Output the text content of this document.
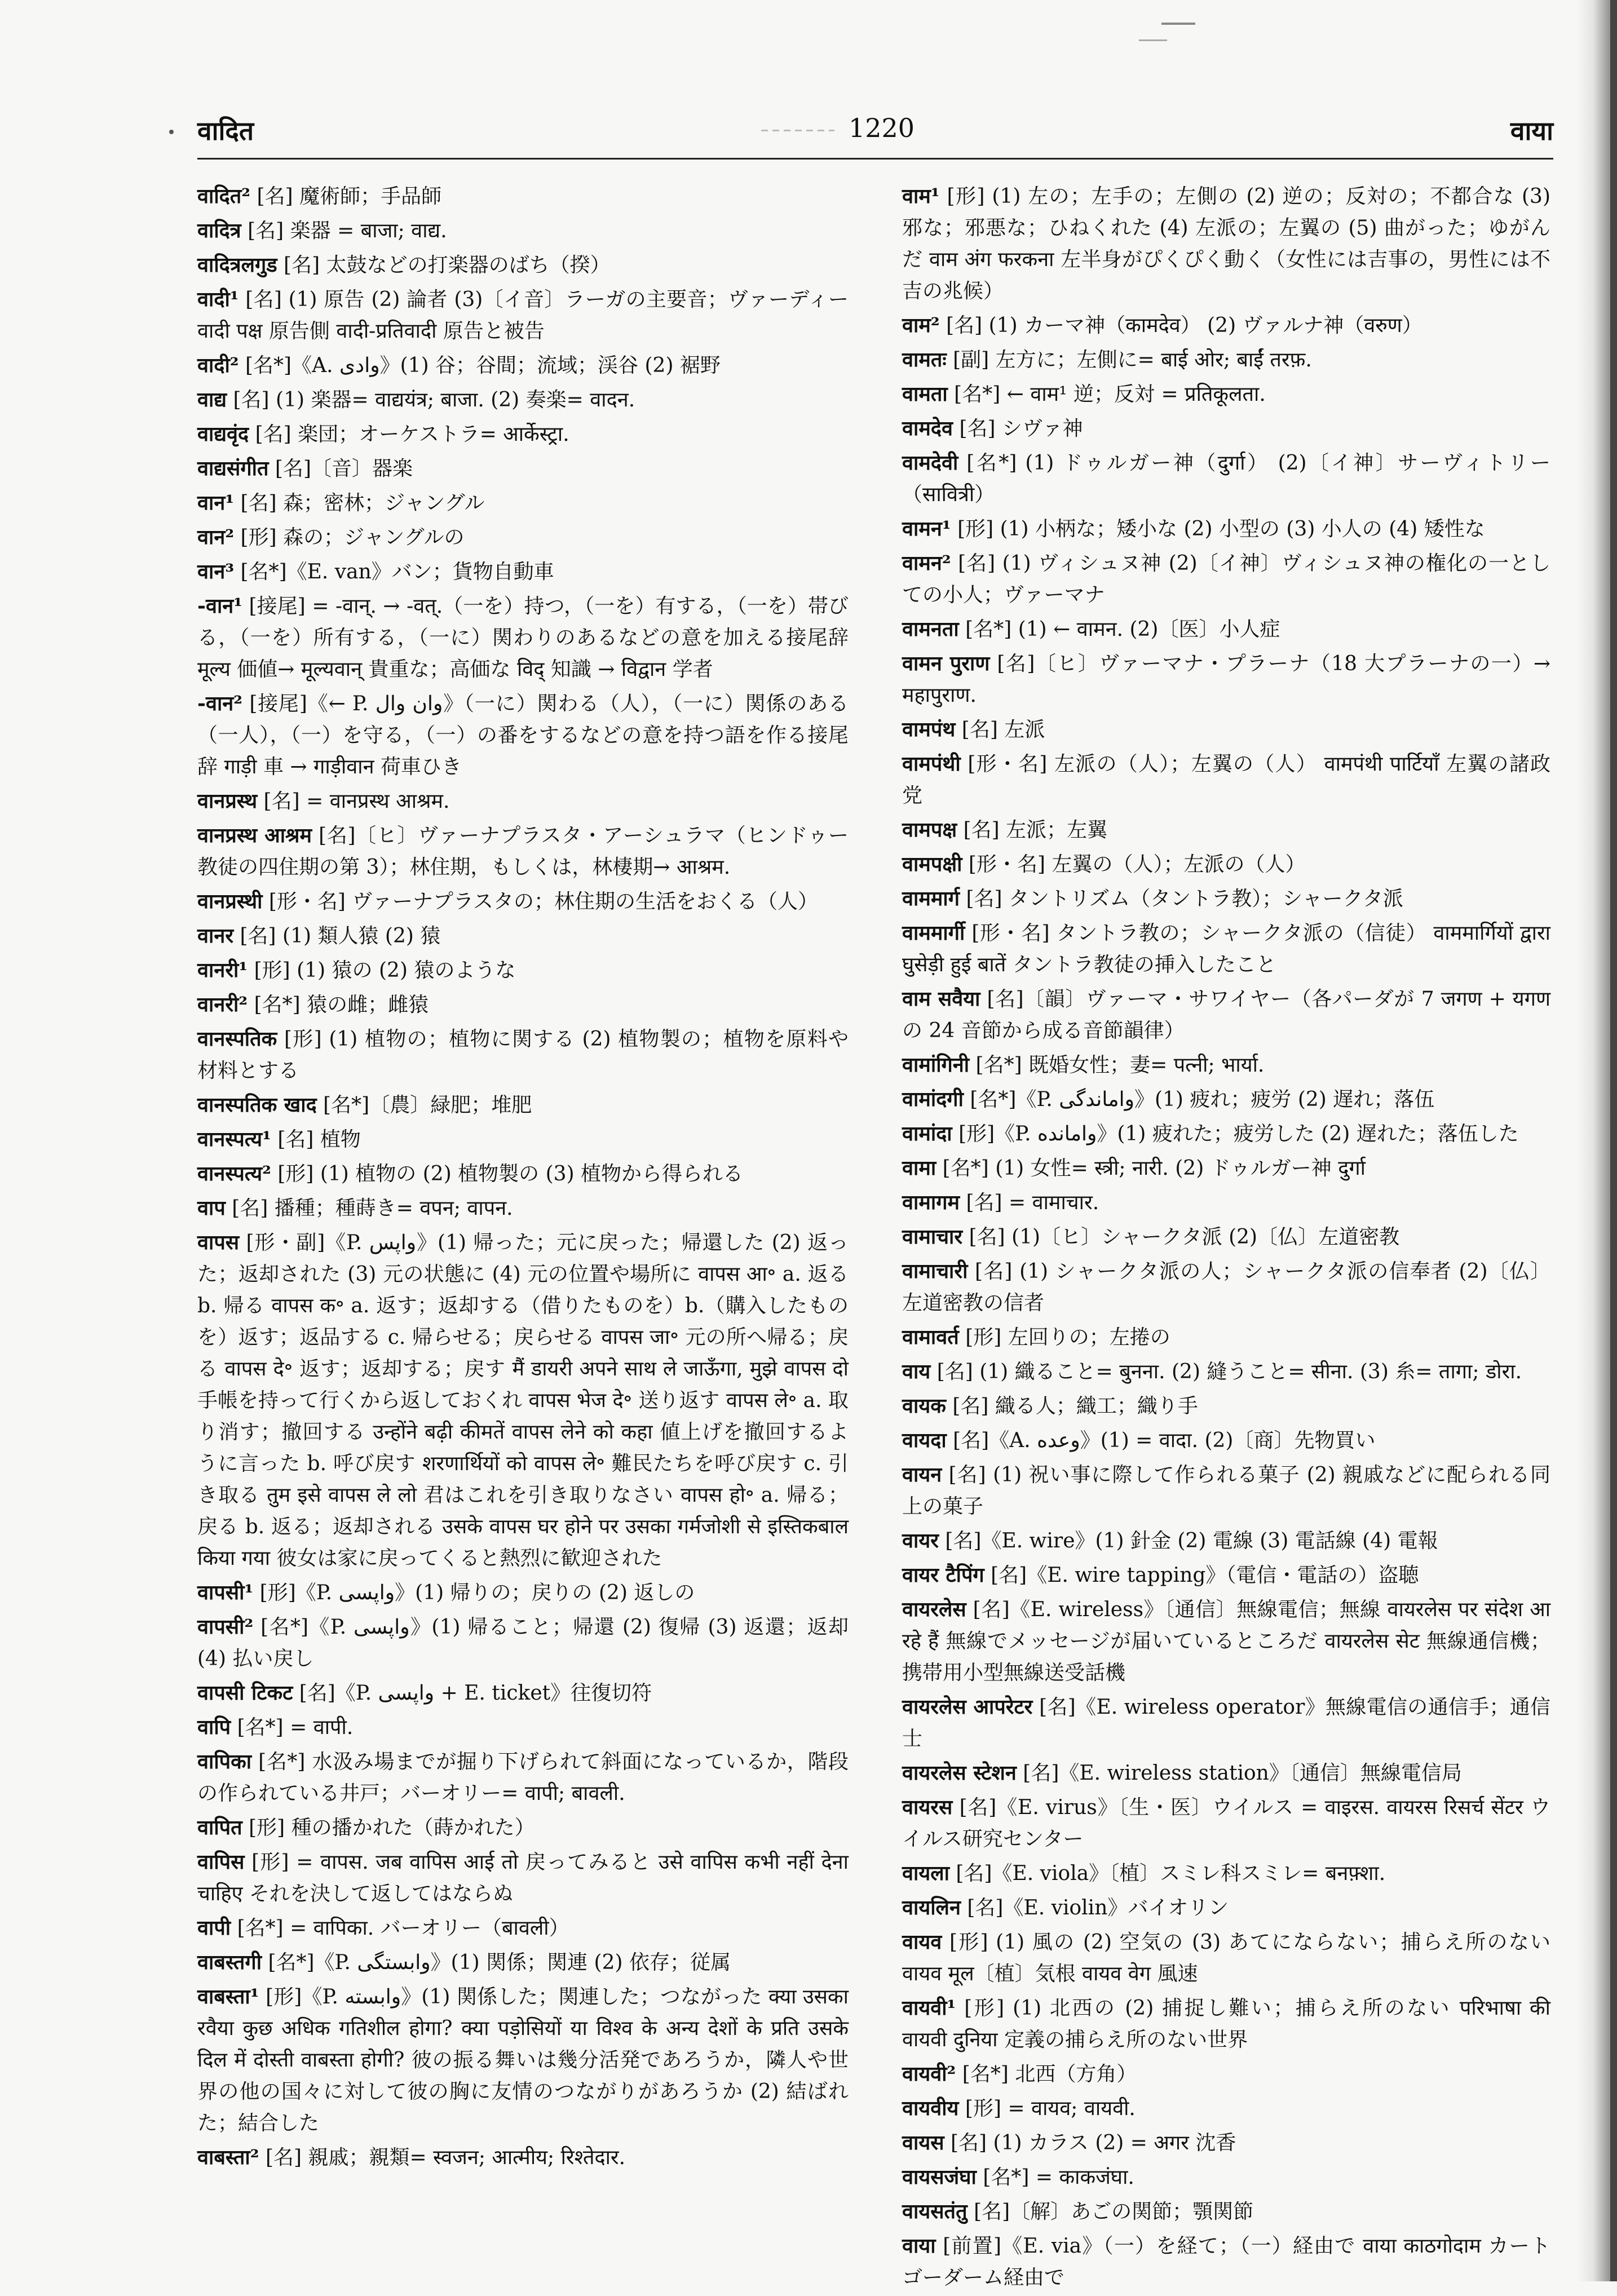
वादित	1220	वाया
वादित² [名] 魔術師；手品師
वादित्र [名] 楽器 = बाजा; वाद्य.
वादित्रलगुड [名] 太鼓などの打楽器のばち（揆）
वादी¹ [名] (1) 原告 (2) 論者 (3)〔イ音〕ラーガの主要音；ヴァーディー वादी पक्ष 原告側 वादी-प्रतिवादी 原告と被告
वादी² [名*]《A. وادی》(1) 谷；谷間；流域；渓谷 (2) 裾野
वाद्य [名] (1) 楽器= वाद्ययंत्र; बाजा. (2) 奏楽= वादन.
वाद्यवृंद [名] 楽団；オーケストラ= आर्केस्ट्रा.
वाद्यसंगीत [名]〔音〕器楽
वान¹ [名] 森；密林；ジャングル
वान² [形] 森の；ジャングルの
वान³ [名*]《E. van》バン；貨物自動車
-वान¹ [接尾] = -वान्. → -वत्.（一を）持つ，（一を）有する，（一を）帯びる，（一を）所有する，（一に）関わりのあるなどの意を加える接尾辞 मूल्य 価値→ मूल्यवान् 貴重な；高価な विद् 知識 → विद्वान 学者
-वान² [接尾]《← P. وان وال》（一に）関わる（人），（一に）関係のある（一人），（一）を守る，（一）の番をするなどの意を持つ語を作る接尾辞 गाड़ी 車 → गाड़ीवान 荷車ひき
वानप्रस्थ [名] = वानप्रस्थ आश्रम.
वानप्रस्थ आश्रम [名]〔ヒ〕ヴァーナプラスタ・アーシュラマ（ヒンドゥー教徒の四住期の第 3）；林住期，もしくは，林棲期→ आश्रम.
वानप्रस्थी [形・名] ヴァーナプラスタの；林住期の生活をおくる（人）
वानर [名] (1) 類人猿 (2) 猿
वानरी¹ [形] (1) 猿の (2) 猿のような
वानरी² [名*] 猿の雌；雌猿
वानस्पतिक [形] (1) 植物の；植物に関する (2) 植物製の；植物を原料や材料とする
वानस्पतिक खाद [名*]〔農〕緑肥；堆肥
वानस्पत्य¹ [名] 植物
वानस्पत्य² [形] (1) 植物の (2) 植物製の (3) 植物から得られる
वाप [名] 播種；種蒔き= वपन; वापन.
वापस [形・副]《P. واپس》(1) 帰った；元に戻った；帰還した (2) 返った；返却された (3) 元の状態に (4) 元の位置や場所に वापस आ॰ a. 返る b. 帰る वापस क॰ a. 返す；返却する（借りたものを）b.（購入したものを）返す；返品する c. 帰らせる；戻らせる वापस जा॰ 元の所へ帰る；戻る वापस दे॰ 返す；返却する；戻す मैं डायरी अपने साथ ले जाऊँगा, मुझे वापस दो 手帳を持って行くから返しておくれ वापस भेज दे॰ 送り返す वापस ले॰ a. 取り消す；撤回する उन्होंने बढ़ी कीमतें वापस लेने को कहा 値上げを撤回するように言った b. 呼び戻す शरणार्थियों को वापस ले॰ 難民たちを呼び戻す c. 引き取る तुम इसे वापस ले लो 君はこれを引き取りなさい वापस हो॰ a. 帰る；戻る b. 返る；返却される उसके वापस घर होने पर उसका गर्मजोशी से इस्तिकबाल किया गया 彼女は家に戻ってくると熱烈に歓迎された
वापसी¹ [形]《P. واپسی》(1) 帰りの；戻りの (2) 返しの
वापसी² [名*]《P. واپسی》(1) 帰ること；帰還 (2) 復帰 (3) 返還；返却 (4) 払い戻し
वापसी टिकट [名]《P. واپسی + E. ticket》往復切符
वापि [名*] = वापी.
वापिका [名*] 水汲み場までが掘り下げられて斜面になっているか，階段の作られている井戸；バーオリー= वापी; बावली.
वापित [形] 種の播かれた（蒔かれた）
वापिस [形] = वापस. जब वापिस आई तो 戻ってみると उसे वापिस कभी नहीं देना चाहिए それを決して返してはならぬ
वापी [名*] = वापिका. バーオリー（बावली）
वाबस्तगी [名*]《P. وابستگی》(1) 関係；関連 (2) 依存；従属
वाबस्ता¹ [形]《P. وابسته》(1) 関係した；関連した；つながった क्या उसका रवैया कुछ अधिक गतिशील होगा? क्या पड़ोसियों या विश्व के अन्य देशों के प्रति उसके दिल में दोस्ती वाबस्ता होगी? 彼の振る舞いは幾分活発であろうか，隣人や世界の他の国々に対して彼の胸に友情のつながりがあろうか (2) 結ばれた；結合した
वाबस्ता² [名] 親戚；親類= स्वजन; आत्मीय; रिश्तेदार.
वाम¹ [形] (1) 左の；左手の；左側の (2) 逆の；反対の；不都合な (3) 邪な；邪悪な；ひねくれた (4) 左派の；左翼の (5) 曲がった；ゆがんだ वाम अंग फरकना 左半身がぴくぴく動く（女性には吉事の，男性には不吉の兆候）
वाम² [名] (1) カーマ神（कामदेव） (2) ヴァルナ神（वरुण）
वामतः [副] 左方に；左側に= बाई ओर; बाईं तरफ़.
वामता [名*] ← वाम¹ 逆；反対 = प्रतिकूलता.
वामदेव [名] シヴァ神
वामदेवी [名*] (1) ドゥルガー神（दुर्गा） (2)〔イ神〕サーヴィトリー（सावित्री）
वामन¹ [形] (1) 小柄な；矮小な (2) 小型の (3) 小人の (4) 矮性な
वामन² [名] (1) ヴィシュヌ神 (2)〔イ神〕ヴィシュヌ神の権化の一としての小人；ヴァーマナ
वामनता [名*] (1) ← वामन. (2)〔医〕小人症
वामन पुराण [名]〔ヒ〕ヴァーマナ・プラーナ（18 大プラーナの一）→ महापुराण.
वामपंथ [名] 左派
वामपंथी [形・名] 左派の（人）；左翼の（人） वामपंथी पार्टियाँ 左翼の諸政党
वामपक्ष [名] 左派；左翼
वामपक्षी [形・名] 左翼の（人）；左派の（人）
वाममार्ग [名] タントリズム（タントラ教）；シャークタ派
वाममार्गी [形・名] タントラ教の；シャークタ派の（信徒） वाममार्गियों द्वारा घुसेड़ी हुई बातें タントラ教徒の挿入したこと
वाम सवैया [名]〔韻〕ヴァーマ・サワイヤー（各パーダが 7 जगण + यगण の 24 音節から成る音節韻律）
वामांगिनी [名*] 既婚女性；妻= पत्नी; भार्या.
वामांदगी [名*]《P. واماندگی》(1) 疲れ；疲労 (2) 遅れ；落伍
वामांदा [形]《P. وامانده》(1) 疲れた；疲労した (2) 遅れた；落伍した
वामा [名*] (1) 女性= स्त्री; नारी. (2) ドゥルガー神 दुर्गा
वामागम [名] = वामाचार.
वामाचार [名] (1)〔ヒ〕シャークタ派 (2)〔仏〕左道密教
वामाचारी [名] (1) シャークタ派の人；シャークタ派の信奉者 (2)〔仏〕左道密教の信者
वामावर्त [形] 左回りの；左捲の
वाय [名] (1) 織ること= बुनना. (2) 縫うこと= सीना. (3) 糸= तागा; डोरा.
वायक [名] 織る人；織工；織り手
वायदा [名]《A. وعده》(1) = वादा. (2)〔商〕先物買い
वायन [名] (1) 祝い事に際して作られる菓子 (2) 親戚などに配られる同上の菓子
वायर [名]《E. wire》(1) 針金 (2) 電線 (3) 電話線 (4) 電報
वायर टैपिंग [名]《E. wire tapping》（電信・電話の）盗聴
वायरलेस [名]《E. wireless》〔通信〕無線電信；無線 वायरलेस पर संदेश आ रहे हैं 無線でメッセージが届いているところだ वायरलेस सेट 無線通信機；携帯用小型無線送受話機
वायरलेस आपरेटर [名]《E. wireless operator》無線電信の通信手；通信士
वायरलेस स्टेशन [名]《E. wireless station》〔通信〕無線電信局
वायरस [名]《E. virus》〔生・医〕ウイルス = वाइरस. वायरस रिसर्च सेंटर ウイルス研究センター
वायला [名]《E. viola》〔植〕スミレ科スミレ= बनफ़्शा.
वायलिन [名]《E. violin》バイオリン
वायव [形] (1) 風の (2) 空気の (3) あてにならない；捕らえ所のない वायव मूल〔植〕気根 वायव वेग 風速
वायवी¹ [形] (1) 北西の (2) 捕捉し難い；捕らえ所のない परिभाषा की वायवी दुनिया 定義の捕らえ所のない世界
वायवी² [名*] 北西（方角）
वायवीय [形] = वायव; वायवी.
वायस [名] (1) カラス (2) = अगर 沈香
वायसजंघा [名*] = काकजंघा.
वायसतंतु [名]〔解〕あごの関節；顎関節
वाया [前置]《E. via》（一）を経て；（一）経由で वाया काठगोदाम カートゴーダーム経由で
